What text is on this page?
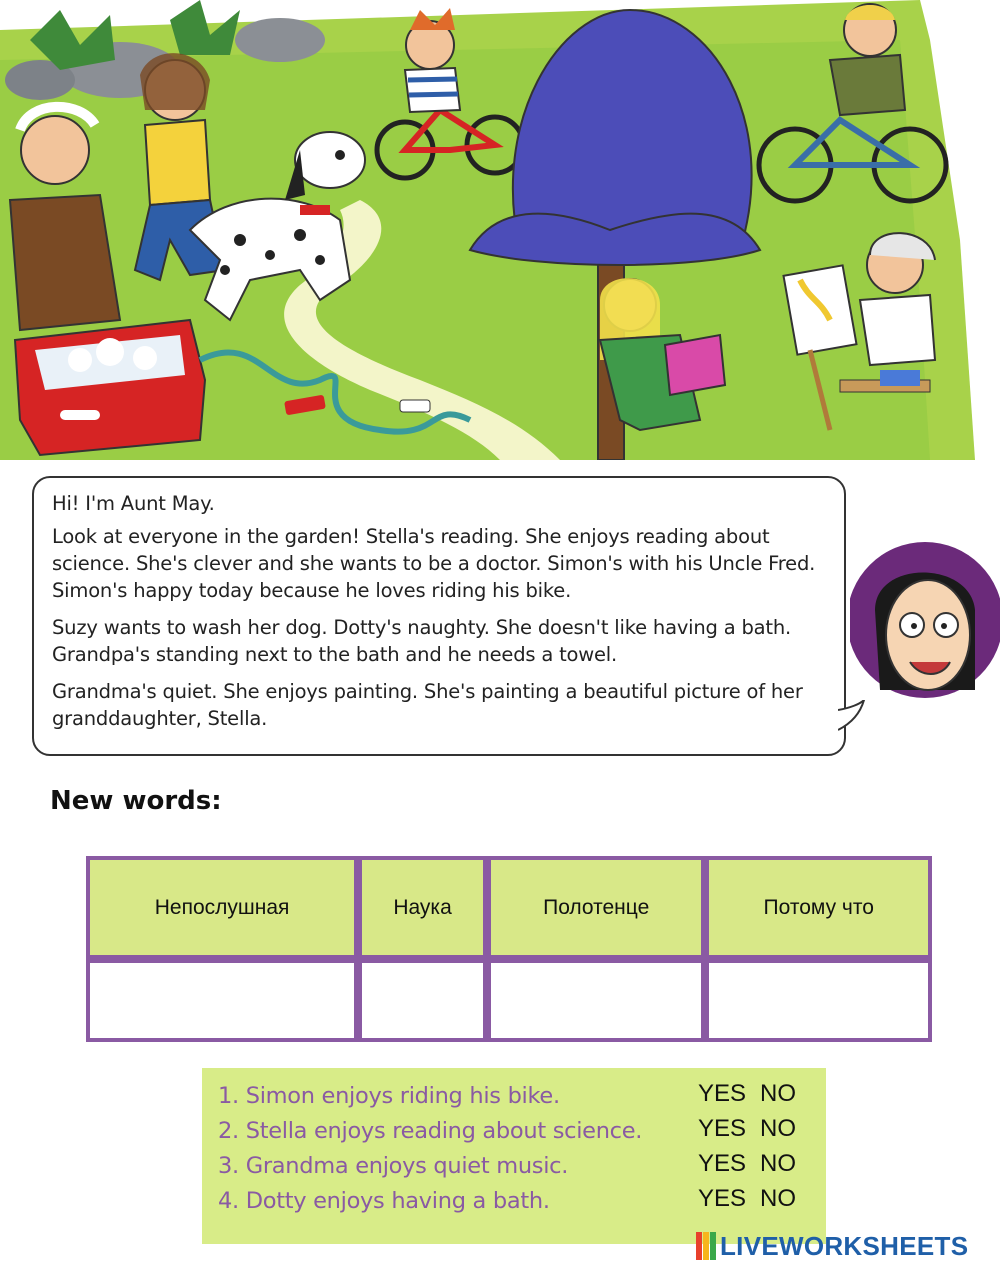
Hi! I'm Aunt May.

Look at everyone in the garden! Stella's reading. She enjoys reading about science. She's clever and she wants to be a doctor. Simon's with his Uncle Fred. Simon's happy today because he loves riding his bike.

Suzy wants to wash her dog. Dotty's naughty. She doesn't like having a bath. Grandpa's standing next to the bath and he needs a towel.

Grandma's quiet. She enjoys painting. She's painting a beautiful picture of her granddaughter, Stella.

New words:
Непослушная	Наука	Полотенце	Потому что

1. Simon enjoys riding his bike.	YES NO
2. Stella enjoys reading about science. YES NO
3. Grandma enjoys quiet music.	YES NO
4. Dotty enjoys having a bath.	YES NO
LIVEWORKSHEETS
